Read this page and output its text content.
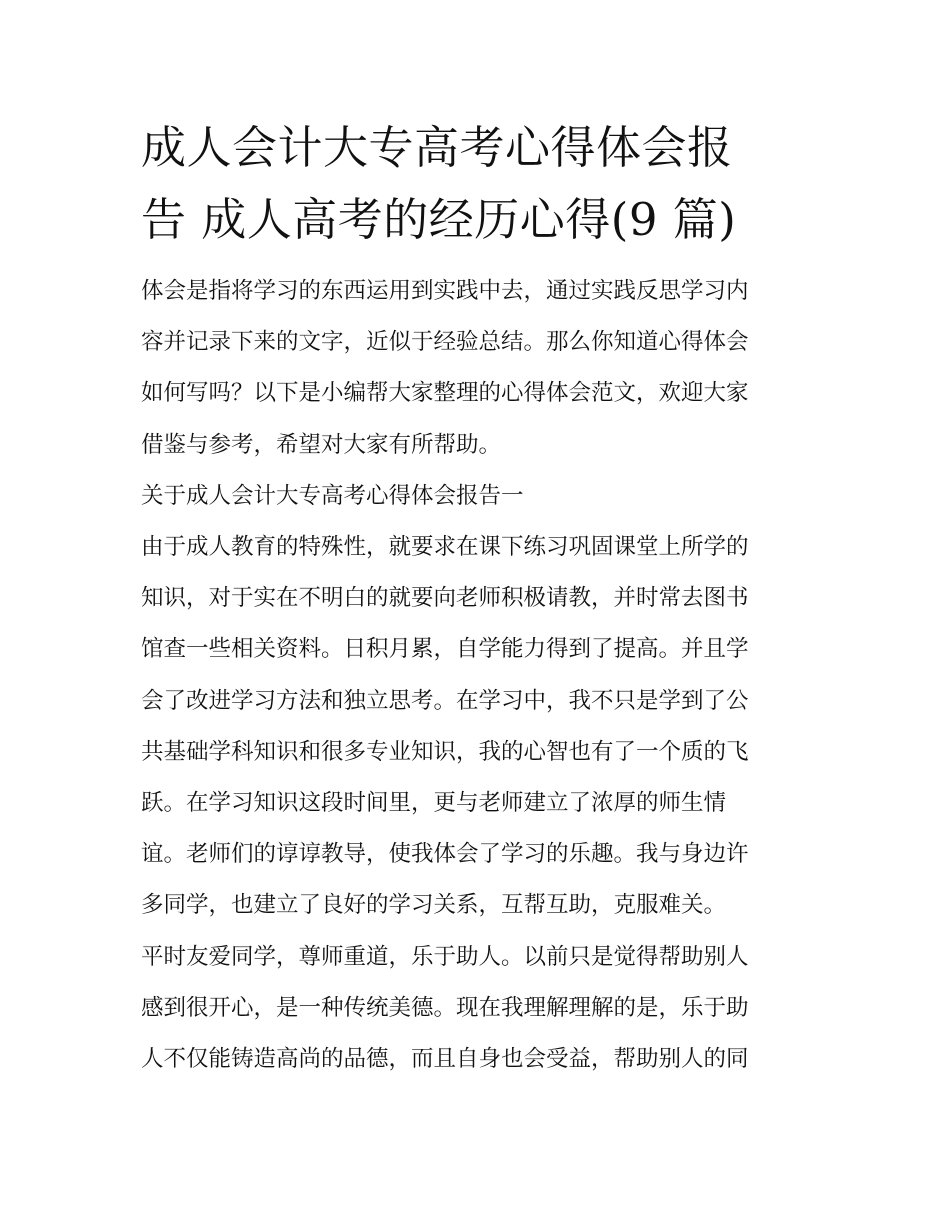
成人会计大专高考心得体会报
告 成人高考的经历心得(9 篇)

体会是指将学习的东西运用到实践中去，通过实践反思学习内
容并记录下来的文字，近似于经验总结。那么你知道心得体会
如何写吗？以下是小编帮大家整理的心得体会范文，欢迎大家
借鉴与参考，希望对大家有所帮助。

关于成人会计大专高考心得体会报告一

由于成人教育的特殊性，就要求在课下练习巩固课堂上所学的
知识，对于实在不明白的就要向老师积极请教，并时常去图书
馆查一些相关资料。日积月累，自学能力得到了提高。并且学
会了改进学习方法和独立思考。在学习中，我不只是学到了公
共基础学科知识和很多专业知识，我的心智也有了一个质的飞
跃。在学习知识这段时间里，更与老师建立了浓厚的师生情
谊。老师们的谆谆教导，使我体会了学习的乐趣。我与身边许
多同学，也建立了良好的学习关系，互帮互助，克服难关。

平时友爱同学，尊师重道，乐于助人。以前只是觉得帮助别人
感到很开心，是一种传统美德。现在我理解理解的是，乐于助
人不仅能铸造高尚的品德，而且自身也会受益，帮助别人的同
